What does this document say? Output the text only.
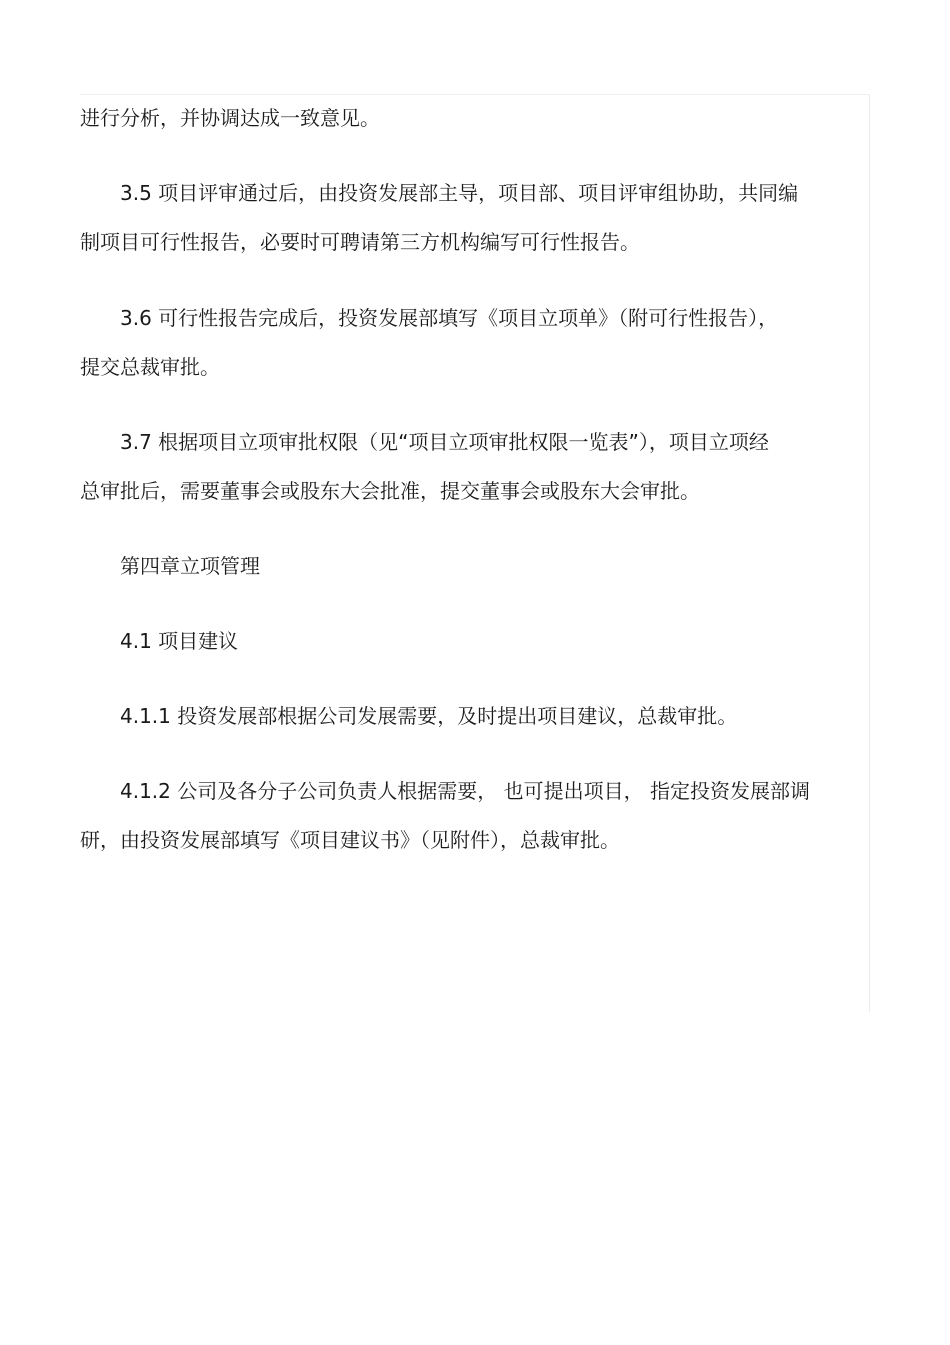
进行分析，并协调达成一致意见。

3.5 项目评审通过后，由投资发展部主导，项目部、项目评审组协助，共同编

制项目可行性报告，必要时可聘请第三方机构编写可行性报告。

3.6 可行性报告完成后，投资发展部填写《项目立项单》（附可行性报告），

提交总裁审批。

3.7 根据项目立项审批权限（见“项目立项审批权限一览表”），项目立项经

总审批后，需要董事会或股东大会批准，提交董事会或股东大会审批。

第四章立项管理

4.1 项目建议

4.1.1 投资发展部根据公司发展需要，及时提出项目建议，总裁审批。

4.1.2 公司及各分子公司负责人根据需要， 也可提出项目， 指定投资发展部调

研，由投资发展部填写《项目建议书》（见附件），总裁审批。
